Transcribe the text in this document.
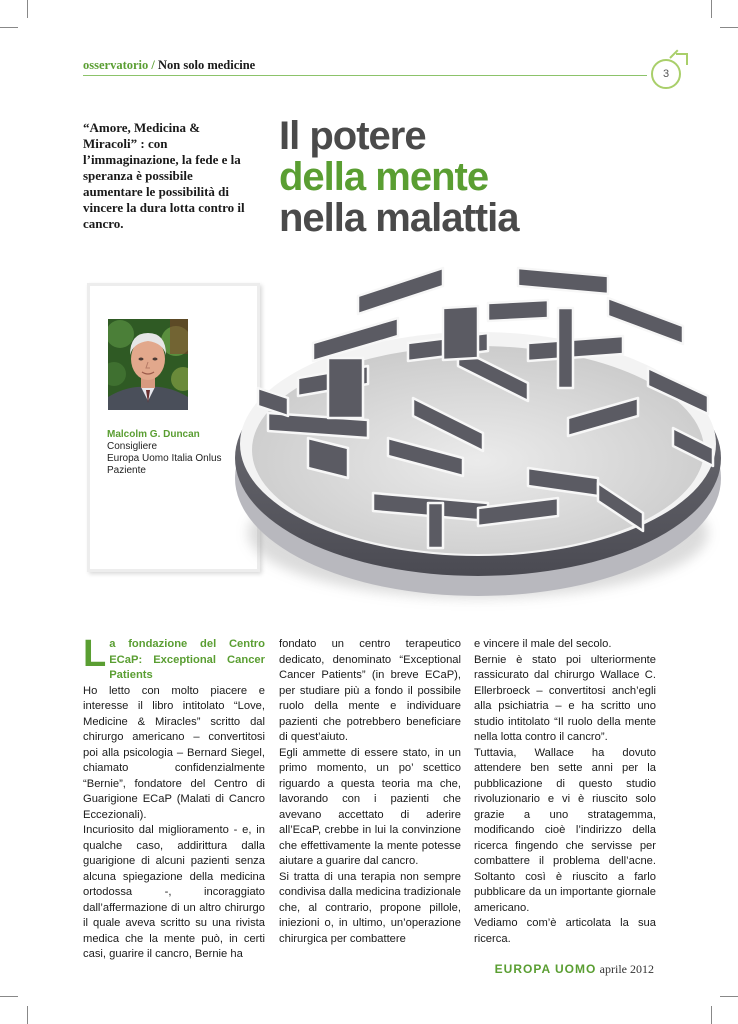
osservatorio / Non solo medicine
3
“Amore, Medicina & Miracoli” : con l’immaginazione, la fede e la speranza è possibile aumentare le possibilità di vincere la dura lotta contro il cancro.
Il potere
della mente
nella malattia
Malcolm G. Duncan
Consigliere
Europa Uomo Italia Onlus
Paziente

La fondazione del Centro ECaP: Exceptional Cancer Patients

Ho letto con molto piacere e interesse il libro intitolato “Love, Medicine & Miracles” scritto dal chirurgo americano – convertitosi poi alla psicologia – Bernard Siegel, chiamato confidenzialmente “Bernie”, fondatore del Centro di Guarigione ECaP (Malati di Cancro Eccezionali).

Incuriosito dal miglioramento - e, in qualche caso, addirittura dalla guarigione di alcuni pazienti senza alcuna spiegazione della medicina ortodossa -, incoraggiato dall’affermazione di un altro chirurgo il quale aveva scritto su una rivista medica che la mente può, in certi casi, guarire il cancro, Bernie ha

fondato un centro terapeutico dedicato, denominato “Exceptional Cancer Patients” (in breve ECaP), per studiare più a fondo il possibile ruolo della mente e individuare pazienti che potrebbero beneficiare di quest’aiuto.

Egli ammette di essere stato, in un primo momento, un po’ scettico riguardo a questa teoria ma che, lavorando con i pazienti che avevano accettato di aderire all’EcaP, crebbe in lui la convinzione che effettivamente la mente potesse aiutare a guarire dal cancro.

Si tratta di una terapia non sempre condivisa dalla medicina tradizionale che, al contrario, propone pillole, iniezioni o, in ultimo, un’operazione chirurgica per combattere

e vincere il male del secolo.

Bernie è stato poi ulteriormente rassicurato dal chirurgo Wallace C. Ellerbroeck – convertitosi anch’egli alla psichiatria – e ha scritto uno studio intitolato “Il ruolo della mente nella lotta contro il cancro”.

Tuttavia, Wallace ha dovuto attendere ben sette anni per la pubblicazione di questo studio rivoluzionario e vi è riuscito solo grazie a uno stratagemma, modificando cioè l’indirizzo della ricerca fingendo che servisse per combattere il problema dell’acne. Soltanto così è riuscito a farlo pubblicare da un importante giornale americano.

Vediamo com’è articolata la sua ricerca.

EUROPA UOMO aprile 2012
